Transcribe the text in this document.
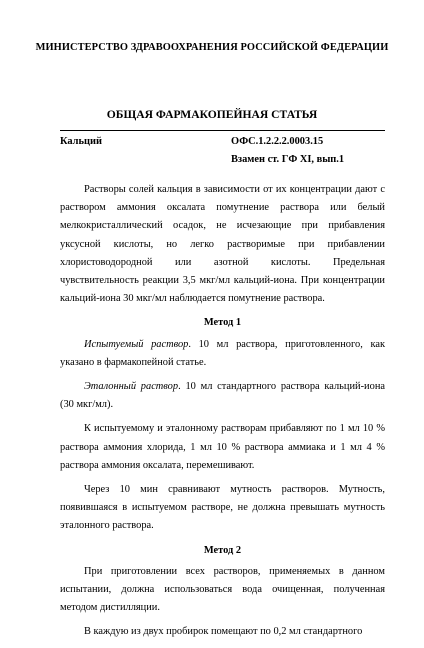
МИНИСТЕРСТВО ЗДРАВООХРАНЕНИЯ РОССИЙСКОЙ ФЕДЕРАЦИИ
ОБЩАЯ ФАРМАКОПЕЙНАЯ СТАТЬЯ
Кальций	ОФС.1.2.2.2.0003.15
Взамен ст. ГФ XI, вып.1

Растворы солей кальция в зависимости от их концентрации дают с раствором аммония оксалата помутнение раствора или белый мелкокристаллический осадок, не исчезающие при прибавления уксусной кислоты, но легко растворимые при прибавлении хлористоводородной или азотной кислоты. Предельная чувствительность реакции 3,5 мкг/мл кальций-иона. При концентрации кальций-иона 30 мкг/мл наблюдается помутнение раствора.

Метод 1

Испытуемый раствор. 10 мл раствора, приготовленного, как указано в фармакопейной статье.

Эталонный раствор. 10 мл стандартного раствора кальций-иона (30 мкг/мл).

К испытуемому и эталонному растворам прибавляют по 1 мл 10 % раствора аммония хлорида, 1 мл 10 % раствора аммиака и 1 мл 4 % раствора аммония оксалата, перемешивают.

Через 10 мин сравнивают мутность растворов. Мутность, появившаяся в испытуемом растворе, не должна превышать мутность эталонного раствора.

Метод 2

При приготовлении всех растворов, применяемых в данном испытании, должна использоваться вода очищенная, полученная методом дистилляции.

В каждую из двух пробирок помещают по 0,2 мл стандартного
